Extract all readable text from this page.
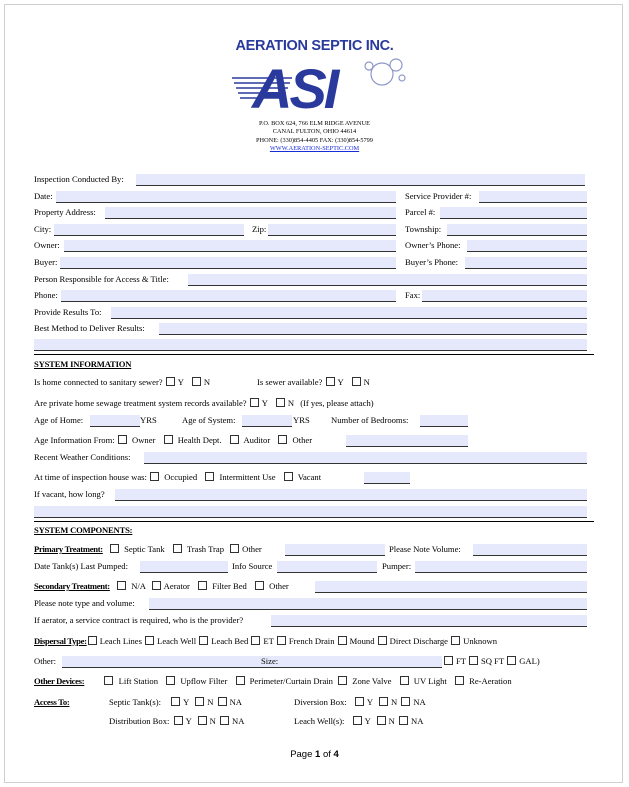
AERATION SEPTIC INC.
ASI
P.O. BOX 624, 766 ELM RIDGE AVENUE
CANAL FULTON, OHIO 44614
PHONE: (330)854-4405 FAX: (330)854-5799
WWW.AERATION-SEPTIC.COM
Inspection Conducted By:
Date:	Service Provider #:
Property Address:	Parcel #:
City:	Zip:	Township:
Owner:	Owner’s Phone:
Buyer:	Buyer’s Phone:
Person Responsible for Access & Title:
Phone:	Fax:
Provide Results To:
Best Method to Deliver Results:
SYSTEM INFORMATION
Is home connected to sanitary sewer? Y N	Is sewer available? Y N
Are private home sewage treatment system records available? Y N (If yes, please attach)
Age of Home:	YRS	Age of System:	YRS Number of Bedrooms:
Age Information From: Owner	Health Dept.	Auditor	Other
Recent Weather Conditions:
At time of inspection house was: Occupied	Intermittent Use	Vacant
If vacant, how long?
SYSTEM COMPONENTS:
Primary Treatment: Septic Tank	Trash Trap Other	Please Note Volume:
Date Tank(s) Last Pumped:	Info Source	Pumper:
Secondary Treatment: N/A Aerator	Filter Bed	Other
Please note type and volume:
If aerator, a service contract is required, who is the provider?
Dispersal Type: Leach Lines Leach Well Leach Bed ET French Drain Mound Direct Discharge Unknown
Other:	Size:	FT SQ FT GAL)
Other Devices:	Lift Station	Upflow Filter	Perimeter/Curtain Drain Zone Valve	UV Light	Re-Aeration
Access To:	Septic Tank(s):	Y N NA	Diversion Box: Y N NA
Distribution Box: Y N NA	Leach Well(s): Y N NA
Page 1 of 4
